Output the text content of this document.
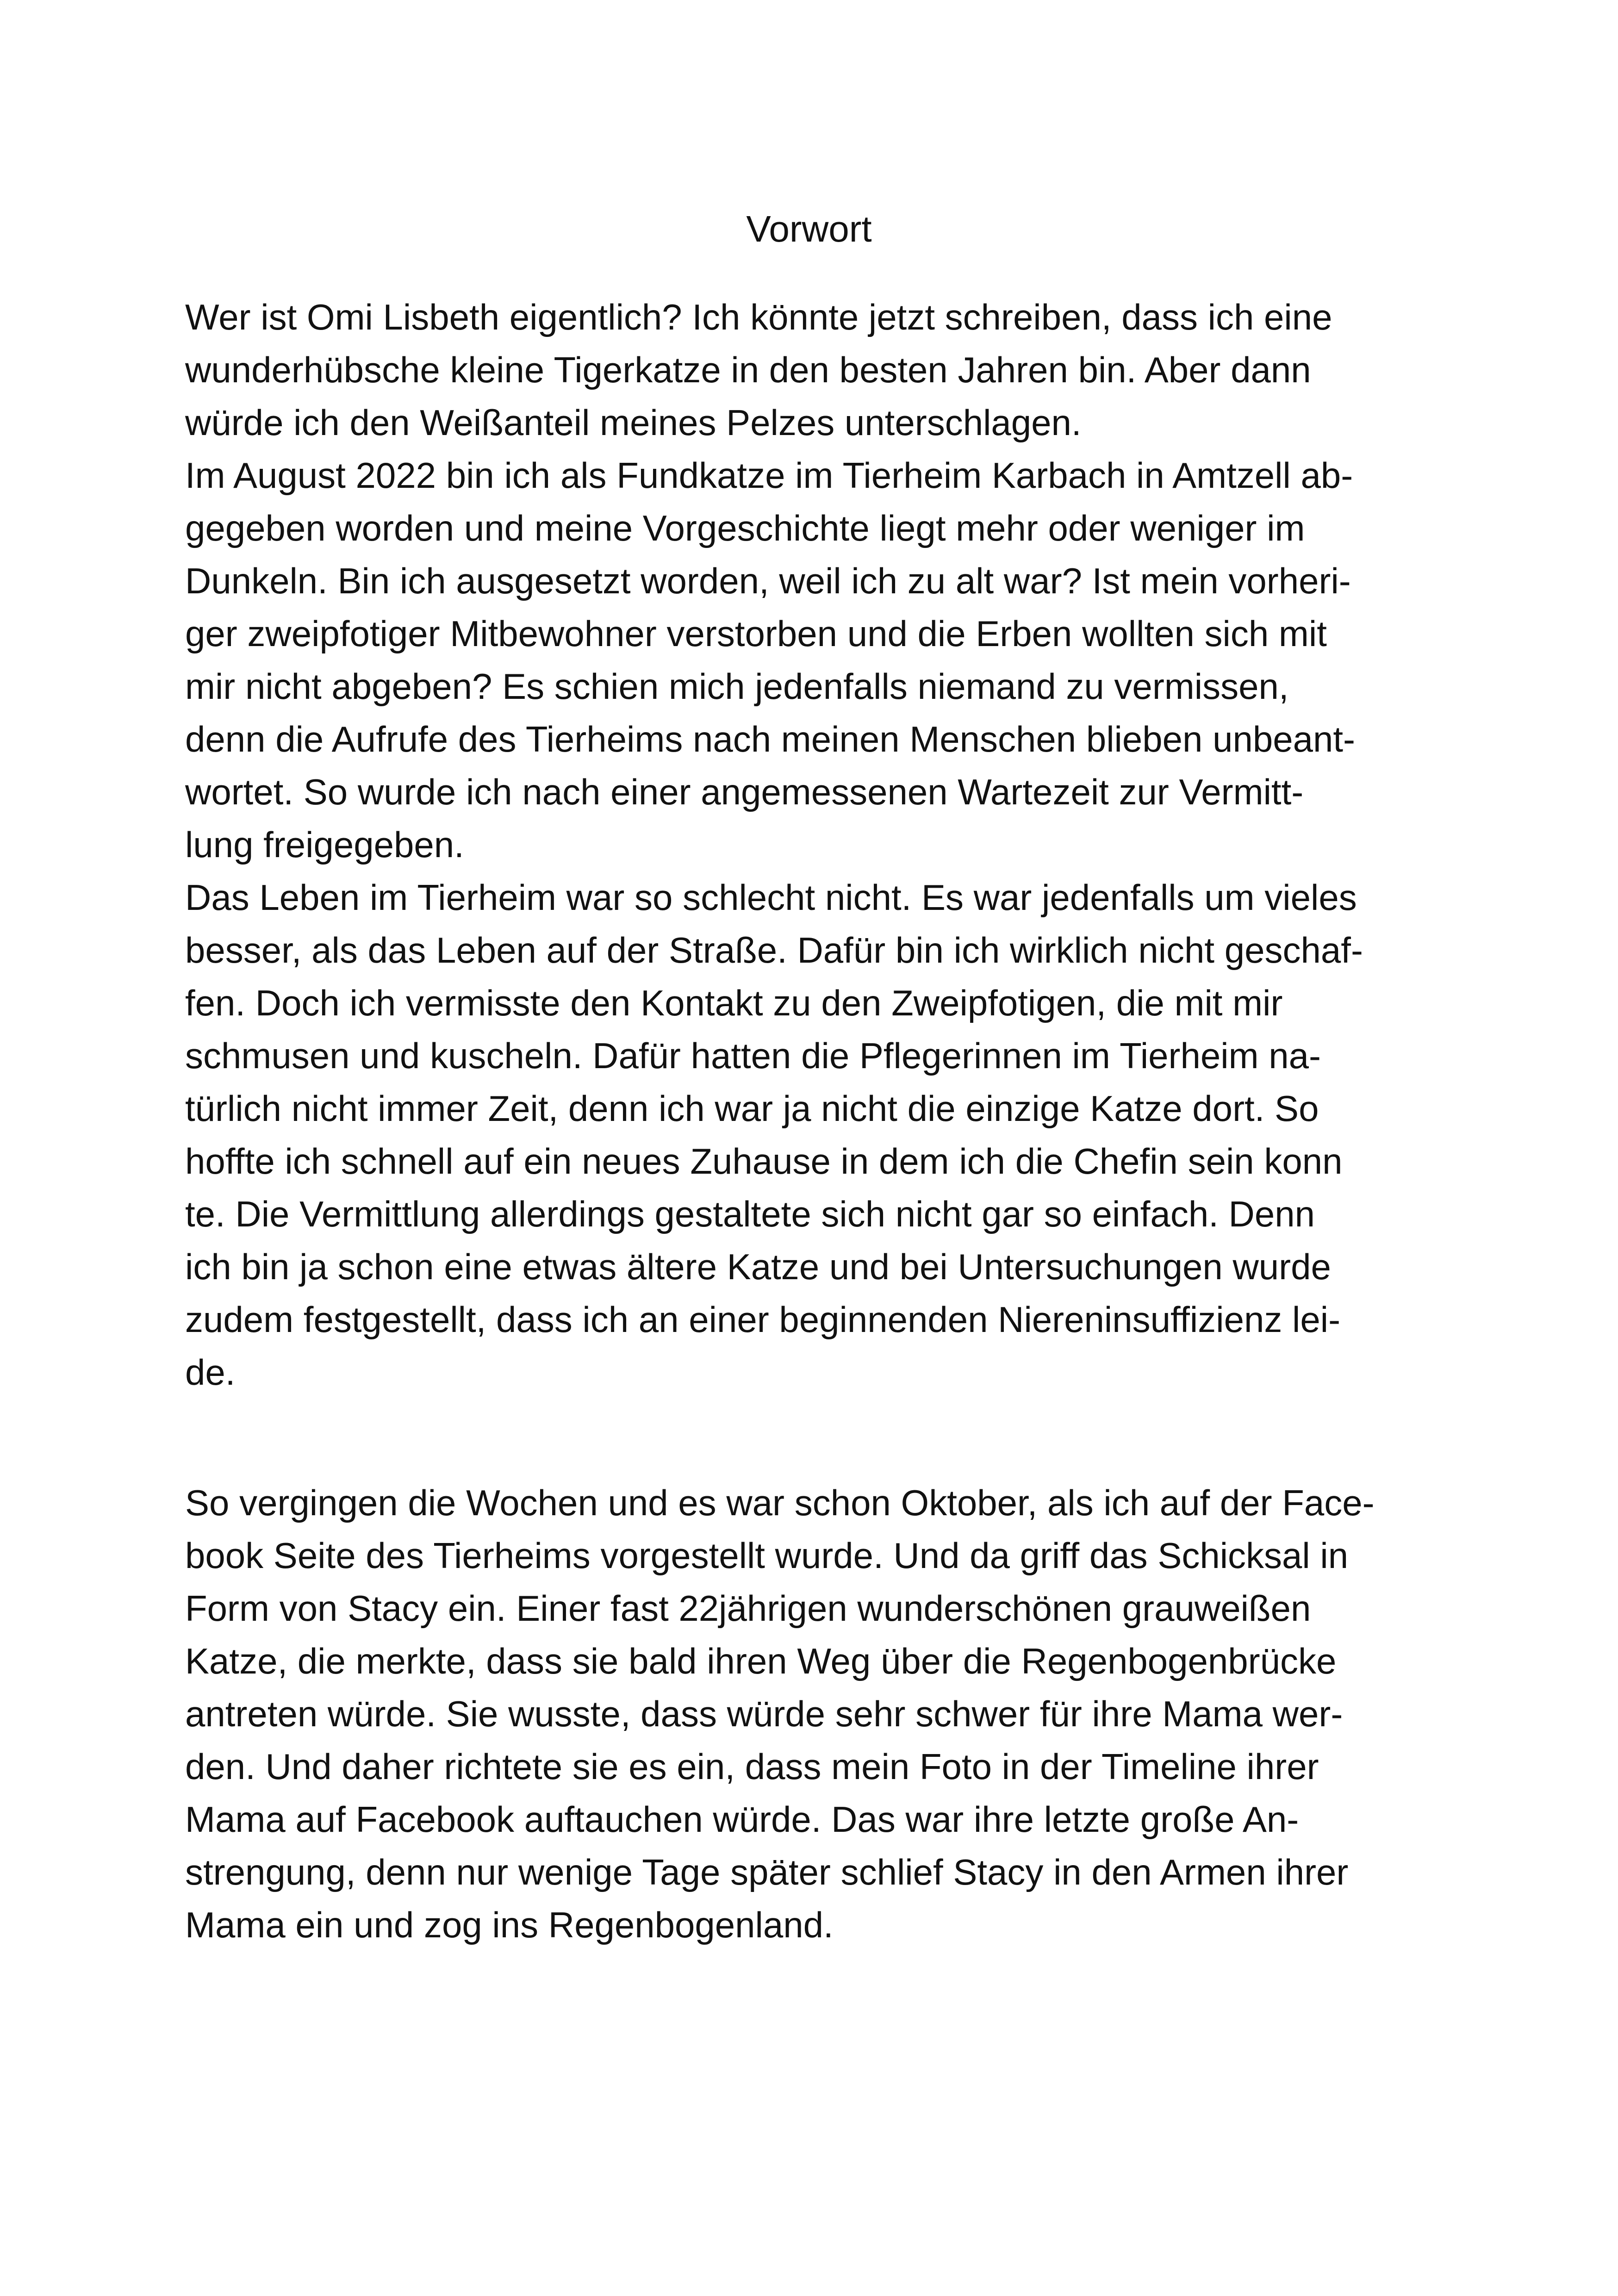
Vorwort
Wer ist Omi Lisbeth eigentlich? Ich könnte jetzt schreiben, dass ich eine
wunderhübsche kleine Tigerkatze in den besten Jahren bin. Aber dann
würde ich den Weißanteil meines Pelzes unterschlagen.
Im August 2022 bin ich als Fundkatze im Tierheim Karbach in Amtzell ab-
gegeben worden und meine Vorgeschichte liegt mehr oder weniger im
Dunkeln. Bin ich ausgesetzt worden, weil ich zu alt war? Ist mein vorheri-
ger zweipfotiger Mitbewohner verstorben und die Erben wollten sich mit
mir nicht abgeben? Es schien mich jedenfalls niemand zu vermissen,
denn die Aufrufe des Tierheims nach meinen Menschen blieben unbeant-
wortet. So wurde ich nach einer angemessenen Wartezeit zur Vermitt-
lung freigegeben.
Das Leben im Tierheim war so schlecht nicht. Es war jedenfalls um vieles
besser, als das Leben auf der Straße. Dafür bin ich wirklich nicht geschaf-
fen. Doch ich vermisste den Kontakt zu den Zweipfotigen, die mit mir
schmusen und kuscheln. Dafür hatten die Pflegerinnen im Tierheim na-
türlich nicht immer Zeit, denn ich war ja nicht die einzige Katze dort. So
hoffte ich schnell auf ein neues Zuhause in dem ich die Chefin sein konn
te. Die Vermittlung allerdings gestaltete sich nicht gar so einfach. Denn
ich bin ja schon eine etwas ältere Katze und bei Untersuchungen wurde
zudem festgestellt, dass ich an einer beginnenden Niereninsuffizienz lei-
de.
So vergingen die Wochen und es war schon Oktober, als ich auf der Face-
book Seite des Tierheims vorgestellt wurde. Und da griff das Schicksal in
Form von Stacy ein. Einer fast 22jährigen wunderschönen grauweißen
Katze, die merkte, dass sie bald ihren Weg über die Regenbogenbrücke
antreten würde. Sie wusste, dass würde sehr schwer für ihre Mama wer-
den. Und daher richtete sie es ein, dass mein Foto in der Timeline ihrer
Mama auf Facebook auftauchen würde. Das war ihre letzte große An-
strengung, denn nur wenige Tage später schlief Stacy in den Armen ihrer
Mama ein und zog ins Regenbogenland.
